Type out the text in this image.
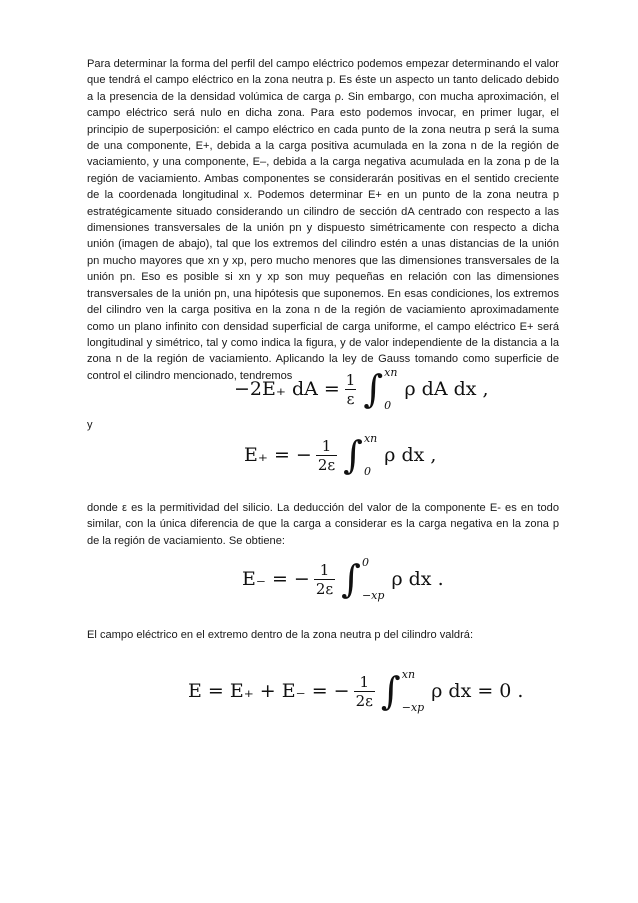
Para determinar la forma del perfil del campo eléctrico podemos empezar determinando el valor que tendrá el campo eléctrico en la zona neutra p. Es éste un aspecto un tanto delicado debido a la presencia de la densidad volúmica de carga ρ. Sin embargo, con mucha aproximación, el campo eléctrico será nulo en dicha zona. Para esto podemos invocar, en primer lugar, el principio de superposición: el campo eléctrico en cada punto de la zona neutra p será la suma de una componente, E+, debida a la carga positiva acumulada en la zona n de la región de vaciamiento, y una componente, E–, debida a la carga negativa acumulada en la zona p de la región de vaciamiento. Ambas componentes se considerarán positivas en el sentido creciente de la coordenada longitudinal x. Podemos determinar E+ en un punto de la zona neutra p estratégicamente situado considerando un cilindro de sección dA centrado con respecto a las dimensiones transversales de la unión pn y dispuesto simétricamente con respecto a dicha unión (imagen de abajo), tal que los extremos del cilindro estén a unas distancias de la unión pn mucho mayores que xn y xp, pero mucho menores que las dimensiones transversales de la unión pn. Eso es posible si xn y xp son muy pequeñas en relación con las dimensiones transversales de la unión pn, una hipótesis que suponemos. En esas condiciones, los extremos del cilindro ven la carga positiva en la zona n de la región de vaciamiento aproximadamente como un plano infinito con densidad superficial de carga uniforme, el campo eléctrico E+ será longitudinal y simétrico, tal y como indica la figura, y de valor independiente de la distancia a la zona n de la región de vaciamiento. Aplicando la ley de Gauss tomando como superficie de control el cilindro mencionado, tendremos
−2E₊ dA = $\frac{1}{\varepsilon}$ ∫ xn
0
ρ dA dx ,
y
E₊ = − $\frac{1}{2\varepsilon}$ ∫ xn
0
ρ dx ,
donde ε es la permitividad del silicio. La deducción del valor de la componente E- es en todo similar, con la única diferencia de que la carga a considerar es la carga negativa en la zona p de la región de vaciamiento. Se obtiene:
E₋ = − $\frac{1}{2\varepsilon}$ ∫ 0
−xp
ρ dx .
El campo eléctrico en el extremo dentro de la zona neutra p del cilindro valdrá:
E = E₊ + E₋ = − $\frac{1}{2\varepsilon}$ ∫ xn
−xp
ρ dx = 0 .
